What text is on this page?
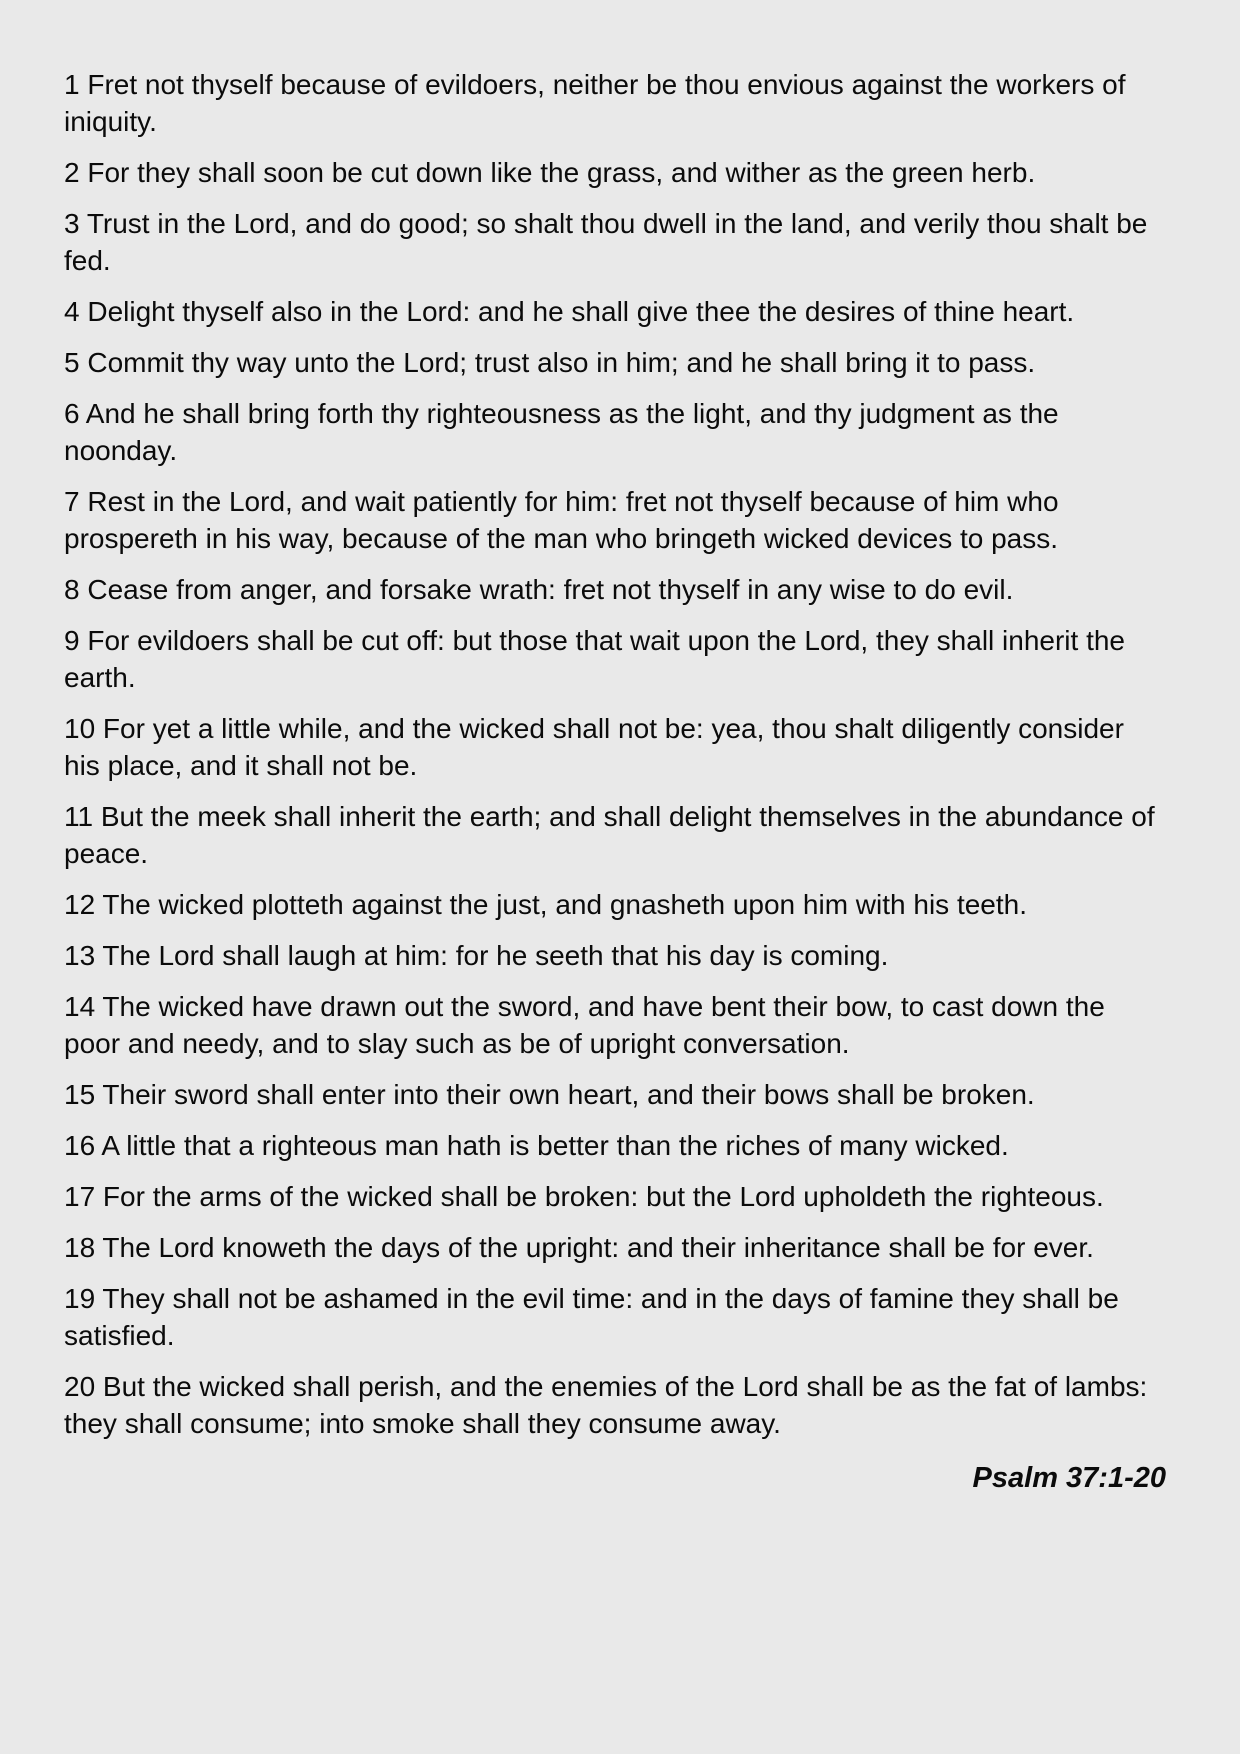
1 Fret not thyself because of evildoers, neither be thou envious against the workers of iniquity.

2 For they shall soon be cut down like the grass, and wither as the green herb.

3 Trust in the Lord, and do good; so shalt thou dwell in the land, and verily thou shalt be fed.

4 Delight thyself also in the Lord: and he shall give thee the desires of thine heart.

5 Commit thy way unto the Lord; trust also in him; and he shall bring it to pass.

6 And he shall bring forth thy righteousness as the light, and thy judgment as the noonday.

7 Rest in the Lord, and wait patiently for him: fret not thyself because of him who prospereth in his way, because of the man who bringeth wicked devices to pass.

8 Cease from anger, and forsake wrath: fret not thyself in any wise to do evil.

9 For evildoers shall be cut off: but those that wait upon the Lord, they shall inherit the earth.

10 For yet a little while, and the wicked shall not be: yea, thou shalt diligently consider his place, and it shall not be.

11 But the meek shall inherit the earth; and shall delight themselves in the abundance of peace.

12 The wicked plotteth against the just, and gnasheth upon him with his teeth.

13 The Lord shall laugh at him: for he seeth that his day is coming.

14 The wicked have drawn out the sword, and have bent their bow, to cast down the poor and needy, and to slay such as be of upright conversation.

15 Their sword shall enter into their own heart, and their bows shall be broken.

16 A little that a righteous man hath is better than the riches of many wicked.

17 For the arms of the wicked shall be broken: but the Lord upholdeth the righteous.

18 The Lord knoweth the days of the upright: and their inheritance shall be for ever.

19 They shall not be ashamed in the evil time: and in the days of famine they shall be satisfied.

20 But the wicked shall perish, and the enemies of the Lord shall be as the fat of lambs: they shall consume; into smoke shall they consume away.

Psalm 37:1-20
